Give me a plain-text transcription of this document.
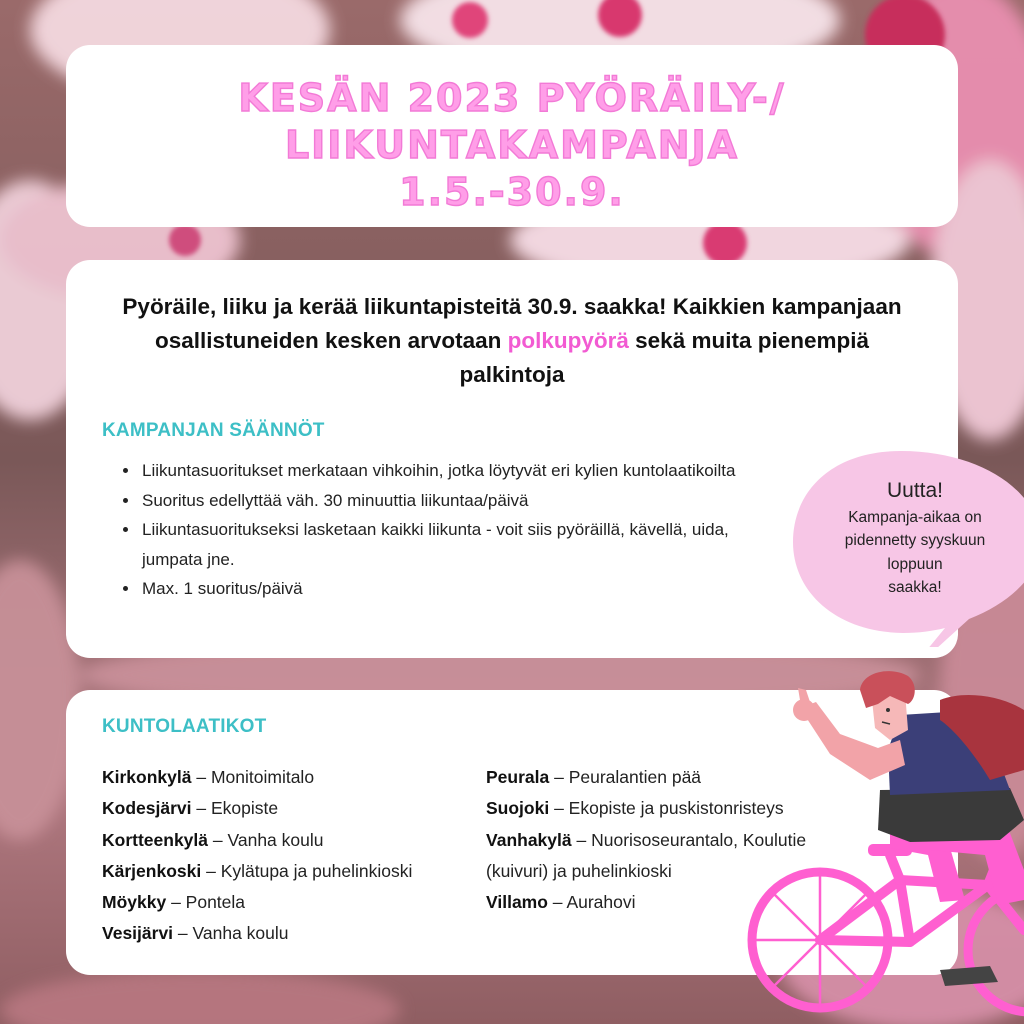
KESÄN 2023 PYÖRÄILY-/
LIIKUNTAKAMPANJA
1.5.-30.9.

Pyöräile, liiku ja kerää liikuntapisteitä 30.9. saakka! Kaikkien kampanjaan osallistuneiden kesken arvotaan polkupyörä sekä muita pienempiä palkintoja

KAMPANJAN SÄÄNNÖT
• Liikuntasuoritukset merkataan vihkoihin, jotka löytyvät eri kylien kuntolaatikoilta
• Suoritus edellyttää väh. 30 minuuttia liikuntaa/päivä
• Liikuntasuoritukseksi lasketaan kaikki liikunta - voit siis pyöräillä, kävellä, uida, jumpata jne.
• Max. 1 suoritus/päivä

Uutta!

Kampanja-aikaa on

pidennetty syyskuun

loppuun

saakka!

KUNTOLAATIKOT
Kirkonkylä – Monitoimitalo
Kodesjärvi – Ekopiste
Kortteenkylä – Vanha koulu
Kärjenkoski – Kylätupa ja puhelinkioski
Möykky – Pontela
Vesijärvi – Vanha koulu
Peurala – Peuralantien pää
Suojoki – Ekopiste ja puskistonristeys
Vanhakylä – Nuorisoseurantalo, Koulutie (kuivuri) ja puhelinkioski
Villamo – Aurahovi
